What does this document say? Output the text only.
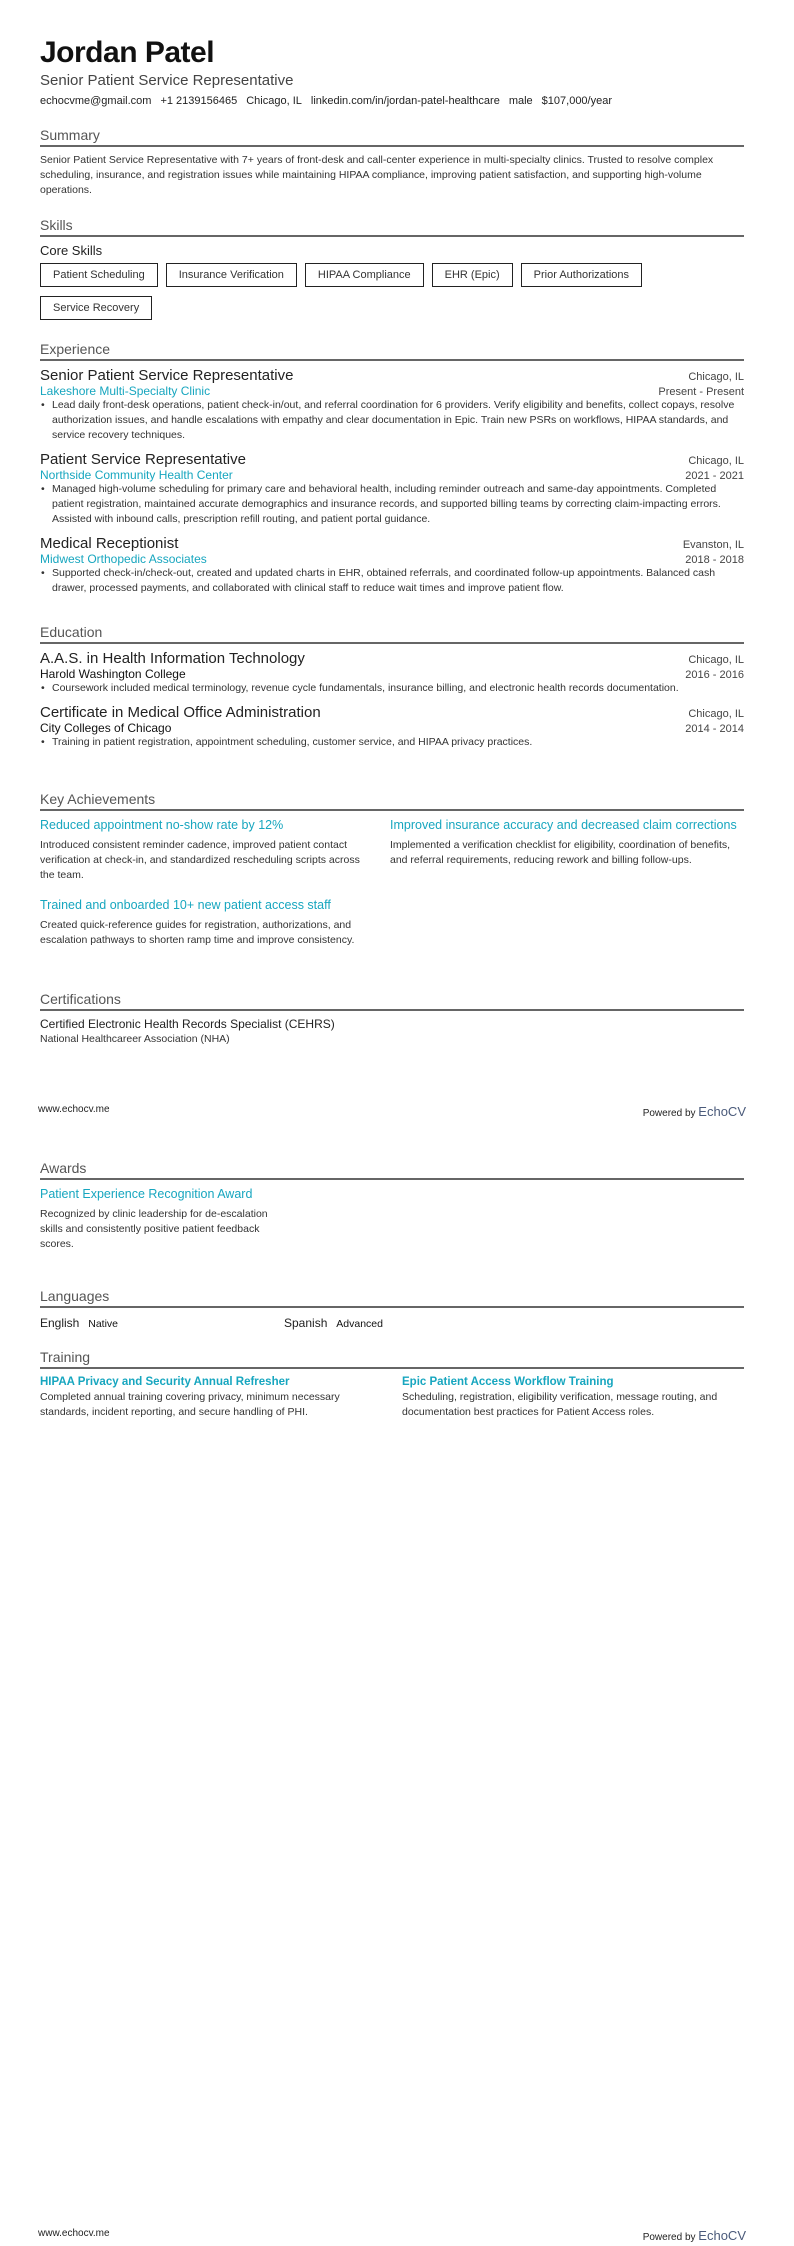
Jordan Patel
Senior Patient Service Representative
echocvme@gmail.com +1 2139156465 Chicago, IL linkedin.com/in/jordan-patel-healthcare male $107,000/year
Summary
Senior Patient Service Representative with 7+ years of front-desk and call-center experience in multi-specialty clinics. Trusted to resolve complex scheduling, insurance, and registration issues while maintaining HIPAA compliance, improving patient satisfaction, and supporting high-volume operations.
Skills
Core Skills
Patient Scheduling	Insurance Verification	HIPAA Compliance	EHR (Epic)	Prior Authorizations
Service Recovery
Experience
Senior Patient Service Representative	Chicago, IL
Lakeshore Multi-Specialty Clinic	Present - Present
• Lead daily front-desk operations, patient check-in/out, and referral coordination for 6 providers. Verify eligibility and benefits, collect copays, resolve authorization issues, and handle escalations with empathy and clear documentation in Epic. Train new PSRs on workflows, HIPAA standards, and service recovery techniques.
Patient Service Representative	Chicago, IL
Northside Community Health Center	2021 - 2021
• Managed high-volume scheduling for primary care and behavioral health, including reminder outreach and same-day appointments. Completed patient registration, maintained accurate demographics and insurance records, and supported billing teams by correcting claim-impacting errors. Assisted with inbound calls, prescription refill routing, and patient portal guidance.
Medical Receptionist	Evanston, IL
Midwest Orthopedic Associates	2018 - 2018
• Supported check-in/check-out, created and updated charts in EHR, obtained referrals, and coordinated follow-up appointments. Balanced cash drawer, processed payments, and collaborated with clinical staff to reduce wait times and improve patient flow.
Education
A.A.S. in Health Information Technology	Chicago, IL
Harold Washington College	2016 - 2016
• Coursework included medical terminology, revenue cycle fundamentals, insurance billing, and electronic health records documentation.
Certificate in Medical Office Administration	Chicago, IL
City Colleges of Chicago	2014 - 2014
• Training in patient registration, appointment scheduling, customer service, and HIPAA privacy practices.
Key Achievements
Reduced appointment no-show rate by 12%
Introduced consistent reminder cadence, improved patient contact verification at check-in, and standardized rescheduling scripts across the team.
Improved insurance accuracy and decreased claim corrections
Implemented a verification checklist for eligibility, coordination of benefits, and referral requirements, reducing rework and billing follow-ups.
Trained and onboarded 10+ new patient access staff
Created quick-reference guides for registration, authorizations, and escalation pathways to shorten ramp time and improve consistency.
Certifications
Certified Electronic Health Records Specialist (CEHRS)
National Healthcareer Association (NHA)
www.echocv.me	Powered by EchoCV
Awards
Patient Experience Recognition Award
Recognized by clinic leadership for de-escalation skills and consistently positive patient feedback scores.
Languages
English Native	Spanish Advanced
Training
HIPAA Privacy and Security Annual Refresher
Completed annual training covering privacy, minimum necessary standards, incident reporting, and secure handling of PHI.
Epic Patient Access Workflow Training
Scheduling, registration, eligibility verification, message routing, and documentation best practices for Patient Access roles.
www.echocv.me	Powered by EchoCV
